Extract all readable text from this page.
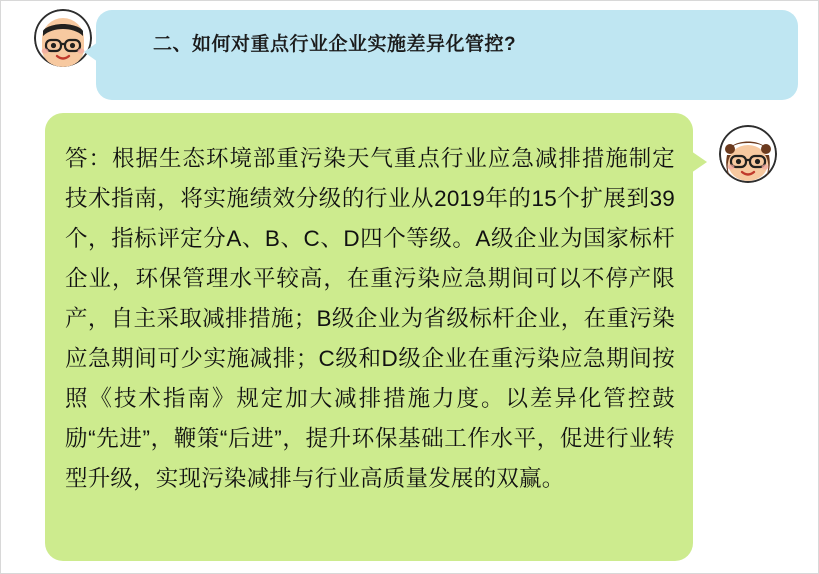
二、如何对重点行业企业实施差异化管控?
答：根据生态环境部重污染天气重点行业应急减排措施制定技术指南，将实施绩效分级的行业从2019年的15个扩展到39个，指标评定分A、B、C、D四个等级。A级企业为国家标杆企业，环保管理水平较高，在重污染应急期间可以不停产限产，自主采取减排措施；B级企业为省级标杆企业，在重污染应急期间可少实施减排；C级和D级企业在重污染应急期间按照《技术指南》规定加大减排措施力度。以差异化管控鼓励“先进”，鞭策“后进”，提升环保基础工作水平，促进行业转型升级，实现污染减排与行业高质量发展的双赢。
